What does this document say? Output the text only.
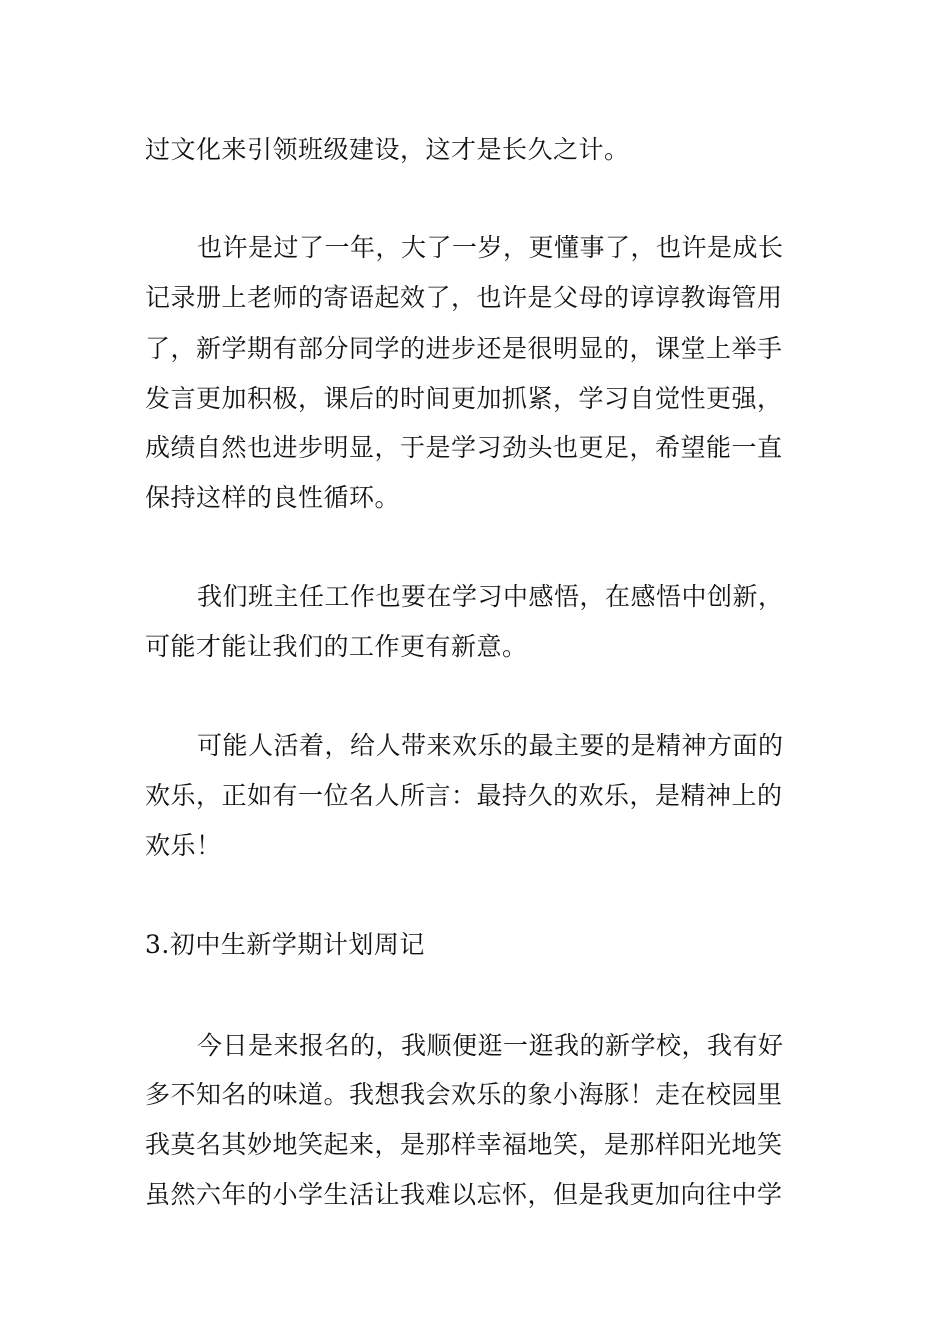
过文化来引领班级建设，这才是长久之计。
也许是过了一年，大了一岁，更懂事了，也许是成长
记录册上老师的寄语起效了，也许是父母的谆谆教诲管用
了，新学期有部分同学的进步还是很明显的，课堂上举手
发言更加积极，课后的时间更加抓紧，学习自觉性更强，
成绩自然也进步明显，于是学习劲头也更足，希望能一直
保持这样的良性循环。
我们班主任工作也要在学习中感悟，在感悟中创新，
可能才能让我们的工作更有新意。
可能人活着，给人带来欢乐的最主要的是精神方面的
欢乐，正如有一位名人所言：最持久的欢乐，是精神上的
欢乐！
3.初中生新学期计划周记
今日是来报名的，我顺便逛一逛我的新学校，我有好
多不知名的味道。我想我会欢乐的象小海豚！走在校园里
我莫名其妙地笑起来，是那样幸福地笑，是那样阳光地笑
虽然六年的小学生活让我难以忘怀，但是我更加向往中学
